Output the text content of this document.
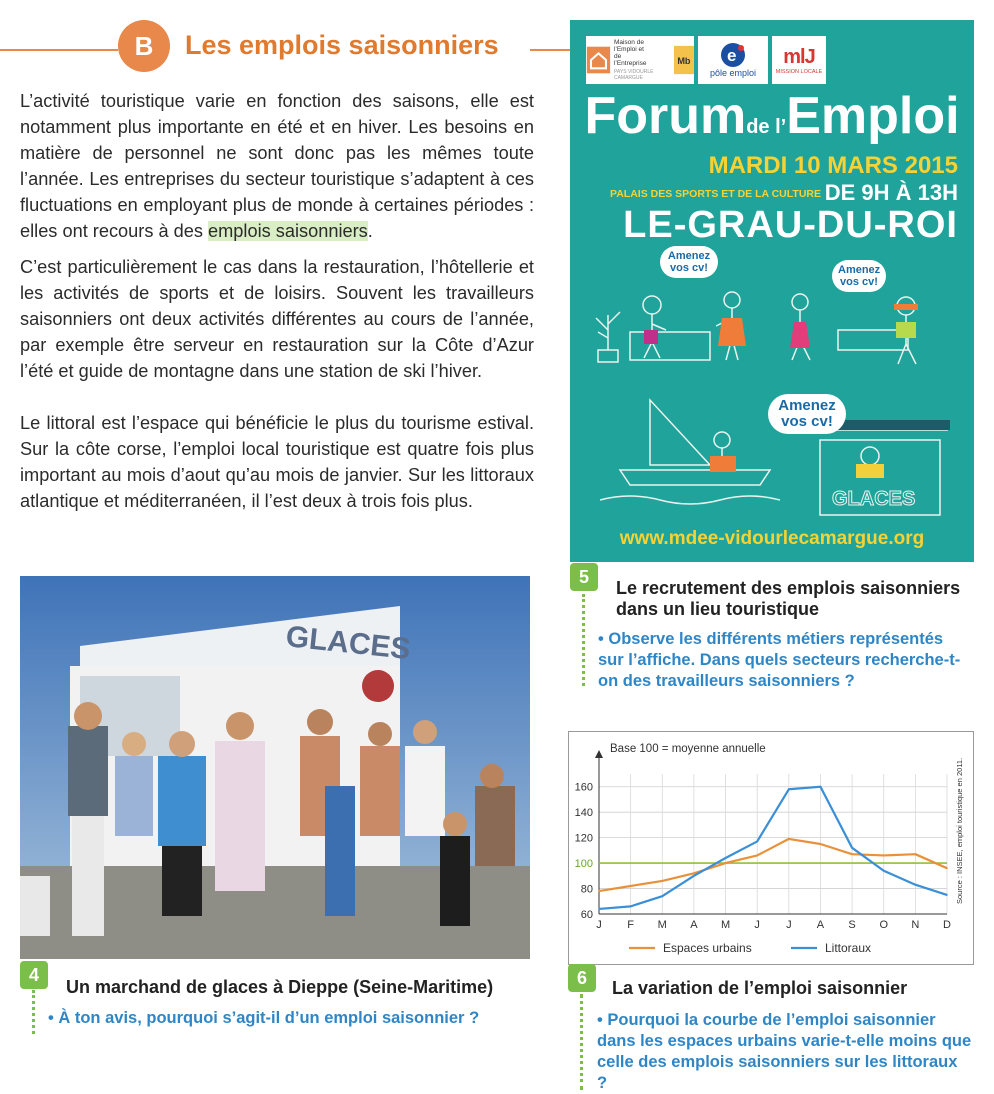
B	Les emplois saisonniers
L’activité touristique varie en fonction des saisons, elle est notamment plus importante en été et en hiver. Les besoins en matière de personnel ne sont donc pas les mêmes toute l’année. Les entreprises du secteur touristique s’adaptent à ces fluctuations en employant plus de monde à certaines périodes : elles ont recours à des emplois saisonniers.
C’est particulièrement le cas dans la restauration, l’hôtellerie et les activités de sports et de loisirs. Souvent les travailleurs saisonniers ont deux activités différentes au cours de l’année, par exemple être serveur en restauration sur la Côte d’Azur l’été et guide de montagne dans une station de ski l’hiver.
Le littoral est l’espace qui bénéficie le plus du tourisme estival. Sur la côte corse, l’emploi local touristique est quatre fois plus important au mois d’aout qu’au mois de janvier. Sur les littoraux atlantique et méditerranéen, il l’est deux à trois fois plus.
Maison de l’Emploi et de l’Entreprise
PAYS VIDOURLE CAMARGUE
Mb e
pôle emploi
mlJ
MISSION LOCALE
Forumde l’Emploi
MARDI 10 MARS 2015
PALAIS DES SPORTS ET DE LA CULTURE DE 9H À 13H
LE-GRAU-DU-ROI
GLACES
Amenez vos cv!	Amenez vos cv!
Amenez vos cv!
www.mdee-vidourlecamargue.org
GLACES
5
Le recrutement des emplois saisonniers dans un lieu touristique
• Observe les différents métiers représentés sur l’affiche. Dans quels secteurs recherche-t-on des travailleurs saisonniers ?
60
80
100
120
140
160
J F M A M J J A S O N D
Base 100 = moyenne annuelle
Source : INSEE, emploi touristique en 2011.
Espaces urbains	Littoraux
4
Un marchand de glaces à Dieppe (Seine-Maritime)
• À ton avis, pourquoi s’agit-il d’un emploi saisonnier ?
6
La variation de l’emploi saisonnier
• Pourquoi la courbe de l’emploi saisonnier dans les espaces urbains varie-t-elle moins que celle des emplois saisonniers sur les littoraux ?
